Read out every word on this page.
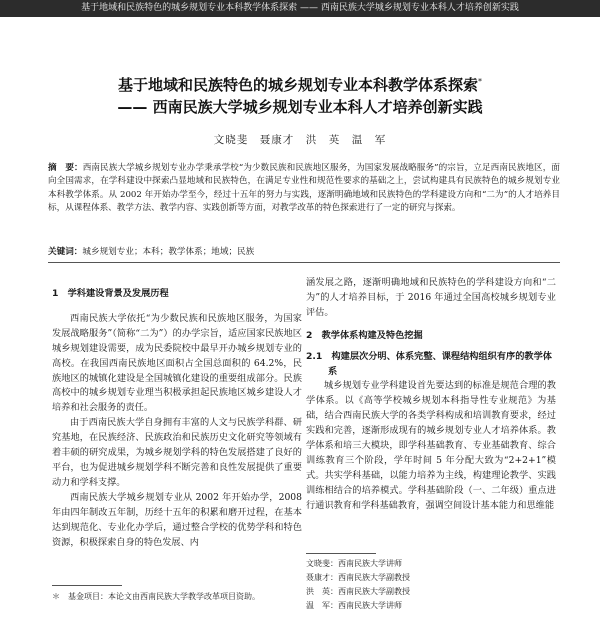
基于地域和民族特色的城乡规划专业本科教学体系探索 —— 西南民族大学城乡规划专业本科人才培养创新实践
基于地域和民族特色的城乡规划专业本科教学体系探索*
—— 西南民族大学城乡规划专业本科人才培养创新实践
文晓斐　聂康才　洪　英　温　军
摘　要：西南民族大学城乡规划专业办学秉承学校“为少数民族和民族地区服务，为国家发展战略服务”的宗旨，立足西南民族地区，面向全国需求，在学科建设中探索凸显地域和民族特色，在满足专业性和规范性要求的基础之上，尝试构建具有民族特色的城乡规划专业本科教学体系。从 2002 年开始办学至今，经过十五年的努力与实践，逐渐明确地域和民族特色的学科建设方向和“二为”的人才培养目标，从课程体系、教学方法、教学内容、实践创新等方面，对教学改革的特色探索进行了一定的研究与探索。
关键词：城乡规划专业；本科；教学体系；地域；民族
1　学科建设背景及发展历程

西南民族大学依托“为少数民族和民族地区服务，为国家发展战略服务”（简称“二为”）的办学宗旨，适应国家民族地区城乡规划建设需要，成为民委院校中最早开办城乡规划专业的高校。在我国西南民族地区面积占全国总面积的 64.2%，民族地区的城镇化建设是全国城镇化建设的重要组成部分。民族高校中的城乡规划专业理当积极承担起民族地区城乡建设人才培养和社会服务的责任。

由于西南民族大学自身拥有丰富的人文与民族学科群、研究基地，在民族经济、民族政治和民族历史文化研究等领域有着丰硕的研究成果，为城乡规划学科的特色发展搭建了良好的平台，也为促进城乡规划学科不断完善和良性发展提供了重要动力和学科支撑。

西南民族大学城乡规划专业从 2002 年开始办学，2008 年由四年制改五年制，历经十五年的积累和磨开过程，在基本达到规范化、专业化办学后，通过整合学校的优势学科和特色资源，积极探索自身的特色发展、内

涵发展之路，逐渐明确地域和民族特色的学科建设方向和“二为”的人才培养目标，于 2016 年通过全国高校城乡规划专业评估。

2　教学体系构建及特色挖掘
2.1　构建层次分明、体系完整、课程结构组织有序的教学体系

城乡规划专业学科建设首先要达到的标准是规范合理的教学体系。以《高等学校城乡规划本科指导性专业规范》为基础，结合西南民族大学的各类学科构成和培训教育要求，经过实践和完善，逐渐形成现有的城乡规划专业人才培养体系。教学体系和培三大模块，即学科基础教育、专业基础教育、综合训练教育三个阶段，学年时间 5 年分配大致为“2+2+1”模式。共实学科基础，以能力培养为主线，构建理论教学、实践训练相结合的培养模式。学科基础阶段（一、二年级）重点进行通识教育和学科基础教育，强调空间设计基本能力和思维能

文晓斐：西南民族大学讲师
聂康才：西南民族大学副教授
洪　英：西南民族大学副教授
温　军：西南民族大学讲师
＊　基金项目：本论文由西南民族大学教学改革项目资助。
